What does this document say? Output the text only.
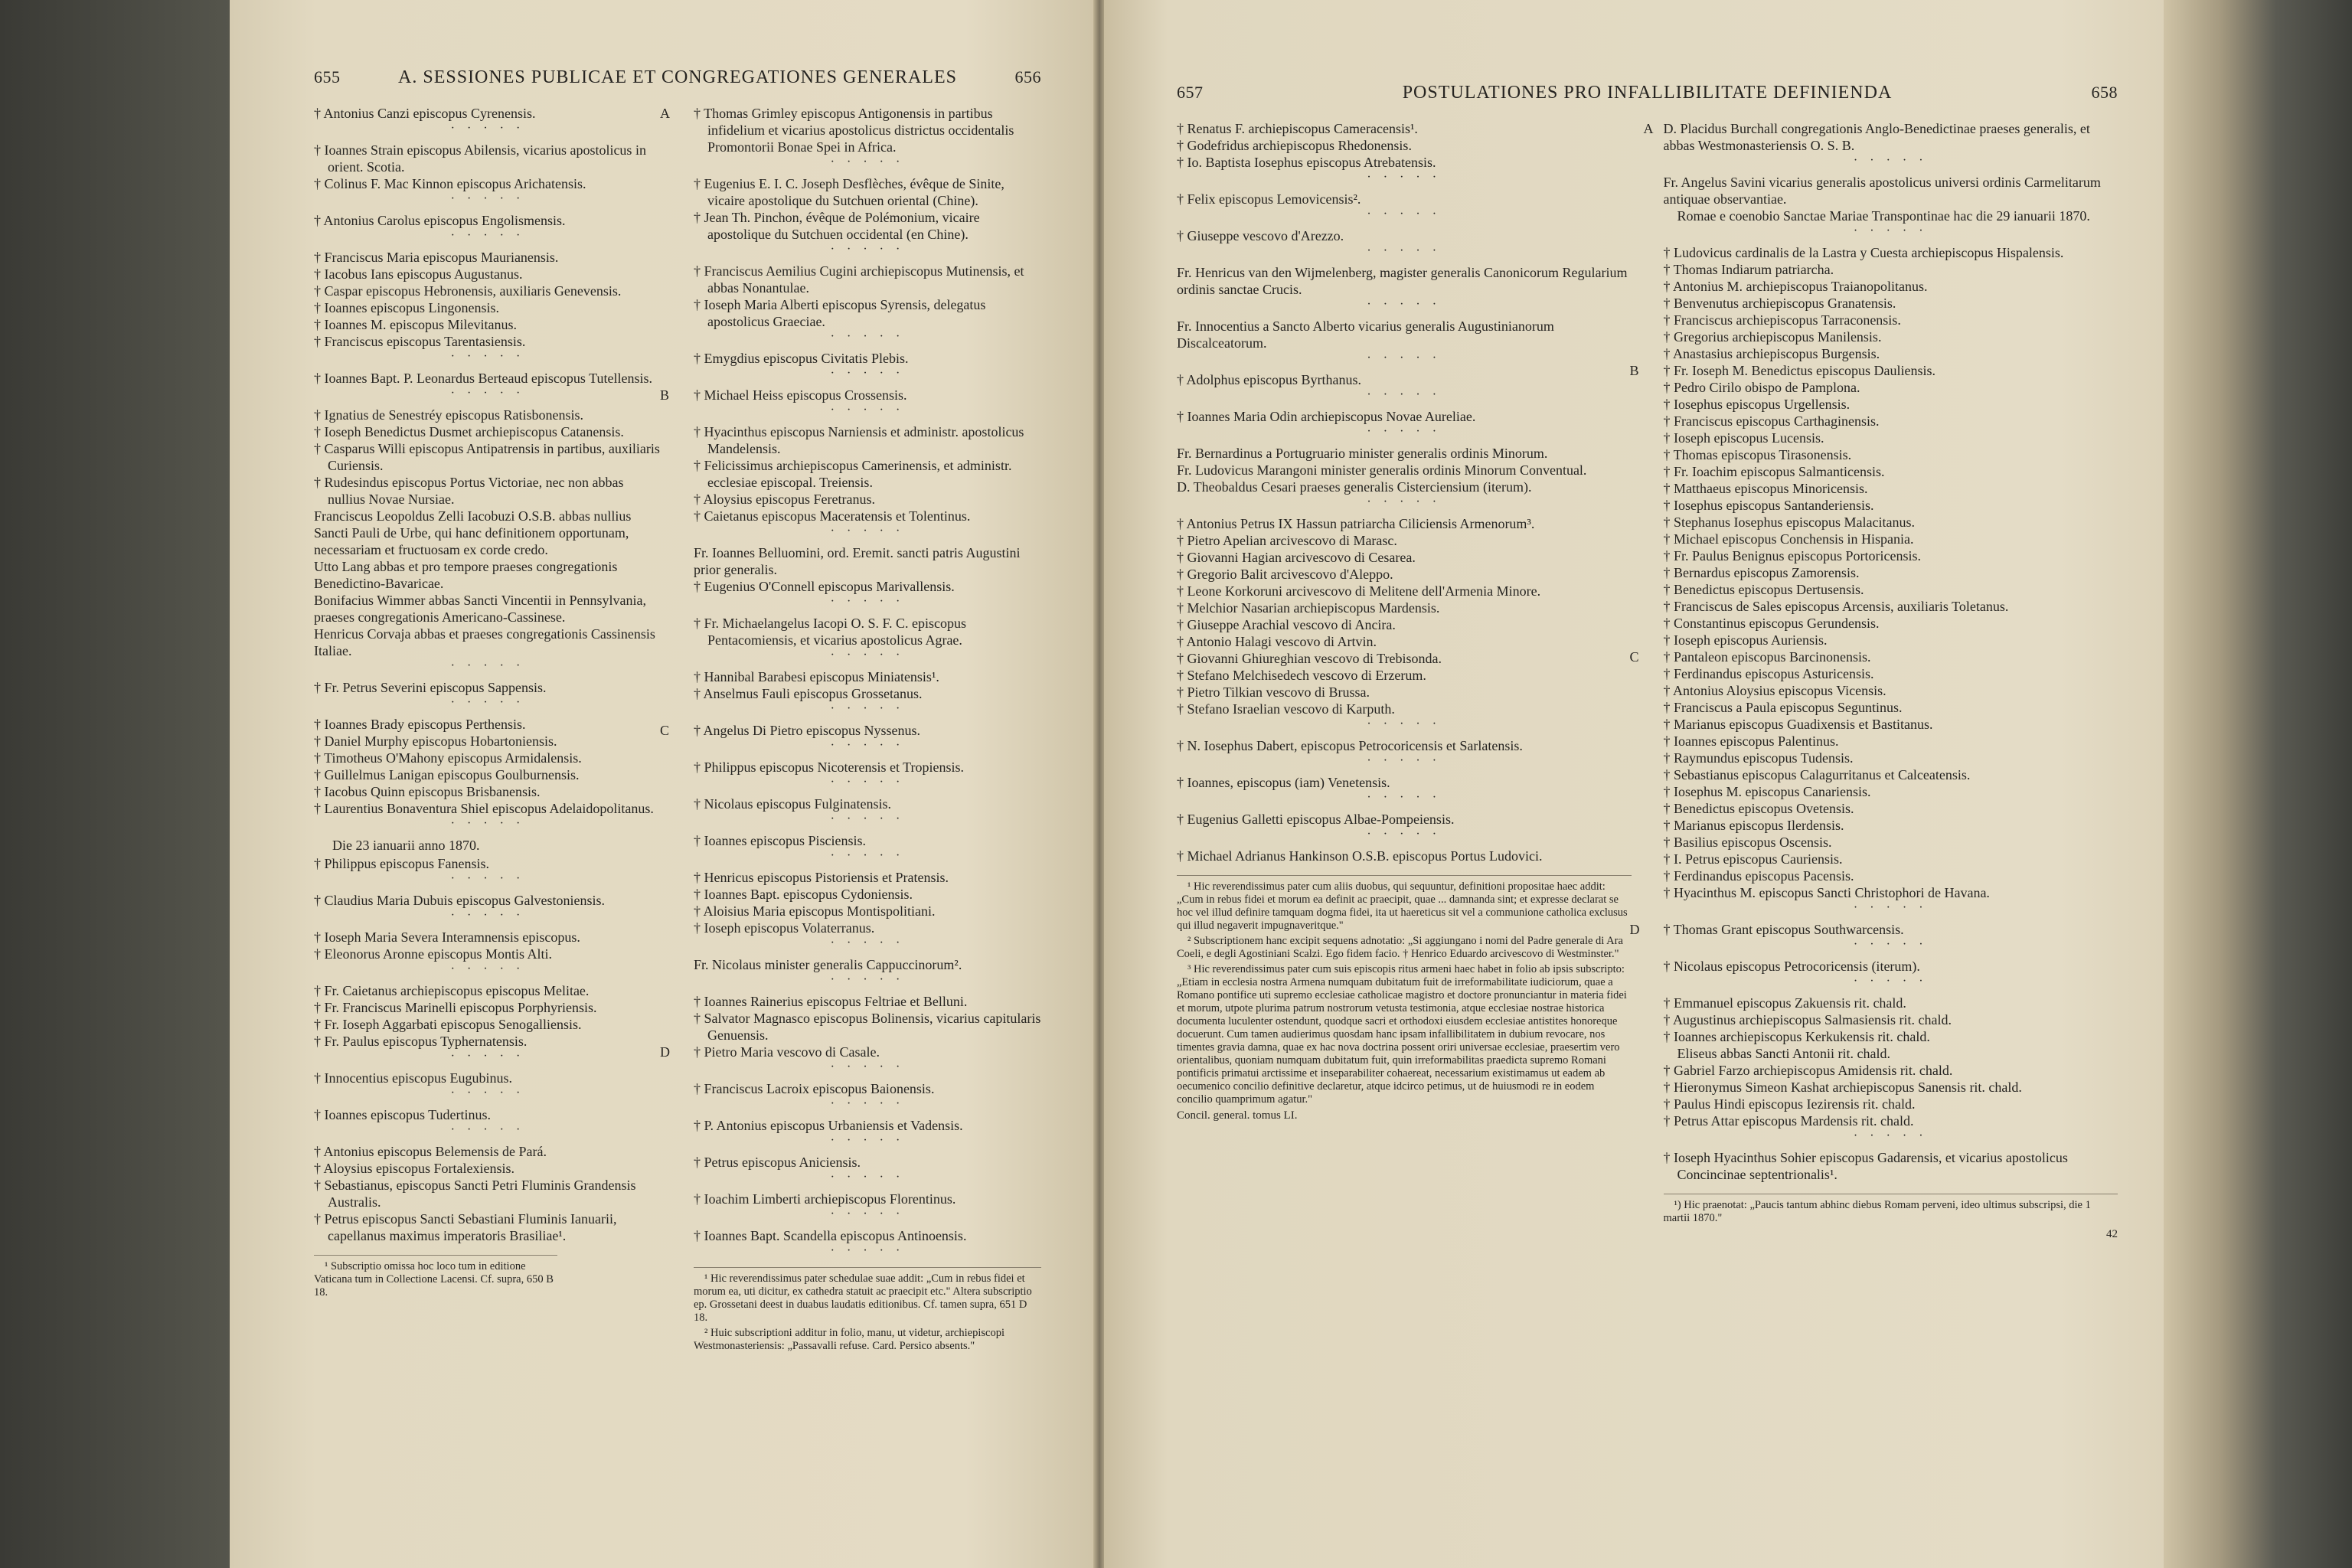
655	A. SESSIONES PUBLICAE ET CONGREGATIONES GENERALES	656
† Antonius Canzi episcopus Cyrenensis.
· · · · ·
† Ioannes Strain episcopus Abilensis, vicarius apostolicus in orient. Scotia.
† Colinus F. Mac Kinnon episcopus Arichatensis.
· · · · ·
† Antonius Carolus episcopus Engolismensis.
· · · · ·
† Franciscus Maria episcopus Maurianensis.
† Iacobus Ians episcopus Augustanus.
† Caspar episcopus Hebronensis, auxiliaris Genevensis.
† Ioannes episcopus Lingonensis.
† Ioannes M. episcopus Milevitanus.
† Franciscus episcopus Tarentasiensis.
· · · · ·
† Ioannes Bapt. P. Leonardus Berteaud episcopus Tutellensis.
· · · · ·
† Ignatius de Senestréy episcopus Ratisbonensis.
† Ioseph Benedictus Dusmet archiepiscopus Catanensis.
† Casparus Willi episcopus Antipatrensis in partibus, auxiliaris Curiensis.
† Rudesindus episcopus Portus Victoriae, nec non abbas nullius Novae Nursiae.
Franciscus Leopoldus Zelli Iacobuzi O.S.B. abbas nullius Sancti Pauli de Urbe, qui hanc definitionem opportunam, necessariam et fructuosam ex corde credo.
Utto Lang abbas et pro tempore praeses congregationis Benedictino-Bavaricae.
Bonifacius Wimmer abbas Sancti Vincentii in Pennsylvania, praeses congregationis Americano-Cassinese.
Henricus Corvaja abbas et praeses congregationis Cassinensis Italiae.
· · · · ·
† Fr. Petrus Severini episcopus Sappensis.
· · · · ·
† Ioannes Brady episcopus Perthensis.
† Daniel Murphy episcopus Hobartoniensis.
† Timotheus O'Mahony episcopus Armidalensis.
† Guillelmus Lanigan episcopus Goulburnensis.
† Iacobus Quinn episcopus Brisbanensis.
† Laurentius Bonaventura Shiel episcopus Adelaidopolitanus.
· · · · ·
Die 23 ianuarii anno 1870.
† Philippus episcopus Fanensis.
· · · · ·
† Claudius Maria Dubuis episcopus Galvestoniensis.
· · · · ·
† Ioseph Maria Severa Interamnensis episcopus.
† Eleonorus Aronne episcopus Montis Alti.
· · · · ·
† Fr. Caietanus archiepiscopus episcopus Melitae.
† Fr. Franciscus Marinelli episcopus Porphyriensis.
† Fr. Ioseph Aggarbati episcopus Senogalliensis.
† Fr. Paulus episcopus Typhernatensis.
· · · · ·
† Innocentius episcopus Eugubinus.
· · · · ·
† Ioannes episcopus Tudertinus.
· · · · ·
† Antonius episcopus Belemensis de Pará.
† Aloysius episcopus Fortalexiensis.
† Sebastianus, episcopus Sancti Petri Fluminis Grandensis Australis.
† Petrus episcopus Sancti Sebastiani Fluminis Ianuarii, capellanus maximus imperatoris Brasiliae¹.
¹ Subscriptio omissa hoc loco tum in editione Vaticana tum in Collectione Lacensi. Cf. supra, 650 B 18.
A † Thomas Grimley episcopus Antigonensis in partibus infidelium et vicarius apostolicus districtus occidentalis Promontorii Bonae Spei in Africa.
· · · · ·
† Eugenius E. I. C. Joseph Desflèches, évêque de Sinite, vicaire apostolique du Sutchuen oriental (Chine).
† Jean Th. Pinchon, évêque de Polémonium, vicaire apostolique du Sutchuen occidental (en Chine).
· · · · ·
† Franciscus Aemilius Cugini archiepiscopus Mutinensis, et abbas Nonantulae.
† Ioseph Maria Alberti episcopus Syrensis, delegatus apostolicus Graeciae.
· · · · ·
† Emygdius episcopus Civitatis Plebis.
· · · · ·
B	† Michael Heiss episcopus Crossensis.
· · · · ·
† Hyacinthus episcopus Narniensis et administr. apostolicus Mandelensis.
† Felicissimus archiepiscopus Camerinensis, et administr. ecclesiae episcopal. Treiensis.
† Aloysius episcopus Feretranus.
† Caietanus episcopus Maceratensis et Tolentinus.
· · · · ·
Fr. Ioannes Belluomini, ord. Eremit. sancti patris Augustini prior generalis.
† Eugenius O'Connell episcopus Marivallensis.
· · · · ·
† Fr. Michaelangelus Iacopi O. S. F. C. episcopus Pentacomiensis, et vicarius apostolicus Agrae.
· · · · ·
† Hannibal Barabesi episcopus Miniatensis¹.
† Anselmus Fauli episcopus Grossetanus.
· · · · ·
C	† Angelus Di Pietro episcopus Nyssenus.
· · · · ·
† Philippus episcopus Nicoterensis et Tropiensis.
· · · · ·
† Nicolaus episcopus Fulginatensis.
· · · · ·
† Ioannes episcopus Pisciensis.
· · · · ·
† Henricus episcopus Pistoriensis et Pratensis.
† Ioannes Bapt. episcopus Cydoniensis.
† Aloisius Maria episcopus Montispolitiani.
† Ioseph episcopus Volaterranus.
· · · · ·
Fr. Nicolaus minister generalis Cappuccinorum².
· · · · ·
† Ioannes Rainerius episcopus Feltriae et Belluni.
† Salvator Magnasco episcopus Bolinensis, vicarius capitularis Genuensis.
D † Pietro Maria vescovo di Casale.
· · · · ·
† Franciscus Lacroix episcopus Baionensis.
· · · · ·
† P. Antonius episcopus Urbaniensis et Vadensis.
· · · · ·
† Petrus episcopus Aniciensis.
· · · · ·
† Ioachim Limberti archiepiscopus Florentinus.
· · · · ·
† Ioannes Bapt. Scandella episcopus Antinoensis.
· · · · ·
¹ Hic reverendissimus pater schedulae suae addit: „Cum in rebus fidei et morum ea, uti dicitur, ex cathedra statuit ac praecipit etc." Altera subscriptio ep. Grossetani deest in duabus laudatis editionibus. Cf. tamen supra, 651 D 18.
² Huic subscriptioni additur in folio, manu, ut videtur, archiepiscopi Westmonasteriensis: „Passavalli refuse. Card. Persico absents."
657	POSTULATIONES PRO INFALLIBILITATE DEFINIENDA	658
† Renatus F. archiepiscopus Cameracensis¹.
† Godefridus archiepiscopus Rhedonensis.
† Io. Baptista Iosephus episcopus Atrebatensis.
· · · · ·
† Felix episcopus Lemovicensis².
· · · · ·
† Giuseppe vescovo d'Arezzo.
· · · · ·
Fr. Henricus van den Wijmelenberg, magister generalis Canonicorum Regularium ordinis sanctae Crucis.
· · · · ·
Fr. Innocentius a Sancto Alberto vicarius generalis Augustinianorum Discalceatorum.
· · · · ·
† Adolphus episcopus Byrthanus.
· · · · ·
† Ioannes Maria Odin archiepiscopus Novae Aureliae.
· · · · ·
Fr. Bernardinus a Portugruario minister generalis ordinis Minorum.
Fr. Ludovicus Marangoni minister generalis ordinis Minorum Conventual.
D. Theobaldus Cesari praeses generalis Cisterciensium (iterum).
· · · · ·
† Antonius Petrus IX Hassun patriarcha Ciliciensis Armenorum³.
† Pietro Apelian arcivescovo di Marasc.
† Giovanni Hagian arcivescovo di Cesarea.
† Gregorio Balit arcivescovo d'Aleppo.
† Leone Korkoruni arcivescovo di Melitene dell'Armenia Minore.
† Melchior Nasarian archiepiscopus Mardensis.
† Giuseppe Arachial vescovo di Ancira.
† Antonio Halagi vescovo di Artvin.
† Giovanni Ghiureghian vescovo di Trebisonda.
† Stefano Melchisedech vescovo di Erzerum.
† Pietro Tilkian vescovo di Brussa.
† Stefano Israelian vescovo di Karputh.
· · · · ·
† N. Iosephus Dabert, episcopus Petrocoricensis et Sarlatensis.
· · · · ·
† Ioannes, episcopus (iam) Venetensis.
· · · · ·
† Eugenius Galletti episcopus Albae-Pompeiensis.
· · · · ·
† Michael Adrianus Hankinson O.S.B. episcopus Portus Ludovici.
¹ Hic reverendissimus pater cum aliis duobus, qui sequuntur, definitioni propositae haec addit: „Cum in rebus fidei et morum ea definit ac praecipit, quae ... damnanda sint; et expresse declarat se hoc vel illud definire tamquam dogma fidei, ita ut haereticus sit vel a communione catholica exclusus qui illud negaverit impugnaveritque."
² Subscriptionem hanc excipit sequens adnotatio: „Si aggiungano i nomi del Padre generale di Ara Coeli, e degli Agostiniani Scalzi. Ego fidem facio. † Henrico Eduardo arcivescovo di Westminster."
³ Hic reverendissimus pater cum suis episcopis ritus armeni haec habet in folio ab ipsis subscripto: „Etiam in ecclesia nostra Armena numquam dubitatum fuit de irreformabilitate iudiciorum, quae a Romano pontifice uti supremo ecclesiae catholicae magistro et doctore pronunciantur in materia fidei et morum, utpote plurima patrum nostrorum vetusta testimonia, atque ecclesiae nostrae historica documenta luculenter ostendunt, quodque sacri et orthodoxi eiusdem ecclesiae antistites honoreque docuerunt. Cum tamen audierimus quosdam hanc ipsam infallibilitatem in dubium revocare, nos timentes gravia damna, quae ex hac nova doctrina possent oriri universae ecclesiae, praesertim vero orientalibus, quoniam numquam dubitatum fuit, quin irreformabilitas praedicta supremo Romani pontificis primatui arctissime et inseparabiliter cohaereat, necessarium existimamus ut eadem ab oecumenico concilio definitive declaretur, atque idcirco petimus, ut de huiusmodi re in eodem concilio quamprimum agatur."
Concil. general. tomus LI.
A D. Placidus Burchall congregationis Anglo-Benedictinae praeses generalis, et abbas Westmonasteriensis O. S. B.
· · · · ·
Fr. Angelus Savini vicarius generalis apostolicus universi ordinis Carmelitarum antiquae observantiae.
Romae e coenobio Sanctae Mariae Transpontinae hac die 29 ianuarii 1870.
· · · · ·
† Ludovicus cardinalis de la Lastra y Cuesta archiepiscopus Hispalensis.
† Thomas Indiarum patriarcha.
† Antonius M. archiepiscopus Traianopolitanus.
† Benvenutus archiepiscopus Granatensis.
† Franciscus archiepiscopus Tarraconensis.
† Gregorius archiepiscopus Manilensis.
† Anastasius archiepiscopus Burgensis.
B	† Fr. Ioseph M. Benedictus episcopus Dauliensis.
† Pedro Cirilo obispo de Pamplona.
† Iosephus episcopus Urgellensis.
† Franciscus episcopus Carthaginensis.
† Ioseph episcopus Lucensis.
† Thomas episcopus Tirasonensis.
† Fr. Ioachim episcopus Salmanticensis.
† Matthaeus episcopus Minoricensis.
† Iosephus episcopus Santanderiensis.
† Stephanus Iosephus episcopus Malacitanus.
† Michael episcopus Conchensis in Hispania.
† Fr. Paulus Benignus episcopus Portoricensis.
† Bernardus episcopus Zamorensis.
† Benedictus episcopus Dertusensis.
† Franciscus de Sales episcopus Arcensis, auxiliaris Toletanus.
† Constantinus episcopus Gerundensis.
† Ioseph episcopus Auriensis.
C	† Pantaleon episcopus Barcinonensis.
† Ferdinandus episcopus Asturicensis.
† Antonius Aloysius episcopus Vicensis.
† Franciscus a Paula episcopus Seguntinus.
† Marianus episcopus Guadixensis et Bastitanus.
† Ioannes episcopus Palentinus.
† Raymundus episcopus Tudensis.
† Sebastianus episcopus Calagurritanus et Calceatensis.
† Iosephus M. episcopus Canariensis.
† Benedictus episcopus Ovetensis.
† Marianus episcopus Ilerdensis.
† Basilius episcopus Oscensis.
† I. Petrus episcopus Cauriensis.
† Ferdinandus episcopus Pacensis.
† Hyacinthus M. episcopus Sancti Christophori de Havana.
· · · · ·
D † Thomas Grant episcopus Southwarcensis.
· · · · ·
† Nicolaus episcopus Petrocoricensis (iterum).
· · · · ·
† Emmanuel episcopus Zakuensis rit. chald.
† Augustinus archiepiscopus Salmasiensis rit. chald.
† Ioannes archiepiscopus Kerkukensis rit. chald.
Eliseus abbas Sancti Antonii rit. chald.
† Gabriel Farzo archiepiscopus Amidensis rit. chald.
† Hieronymus Simeon Kashat archiepiscopus Sanensis rit. chald.
† Paulus Hindi episcopus Iezirensis rit. chald.
† Petrus Attar episcopus Mardensis rit. chald.
· · · · ·
† Ioseph Hyacinthus Sohier episcopus Gadarensis, et vicarius apostolicus Concincinae septentrionalis¹.
¹) Hic praenotat: „Paucis tantum abhinc diebus Romam perveni, ideo ultimus subscripsi, die 1 martii 1870."
42
